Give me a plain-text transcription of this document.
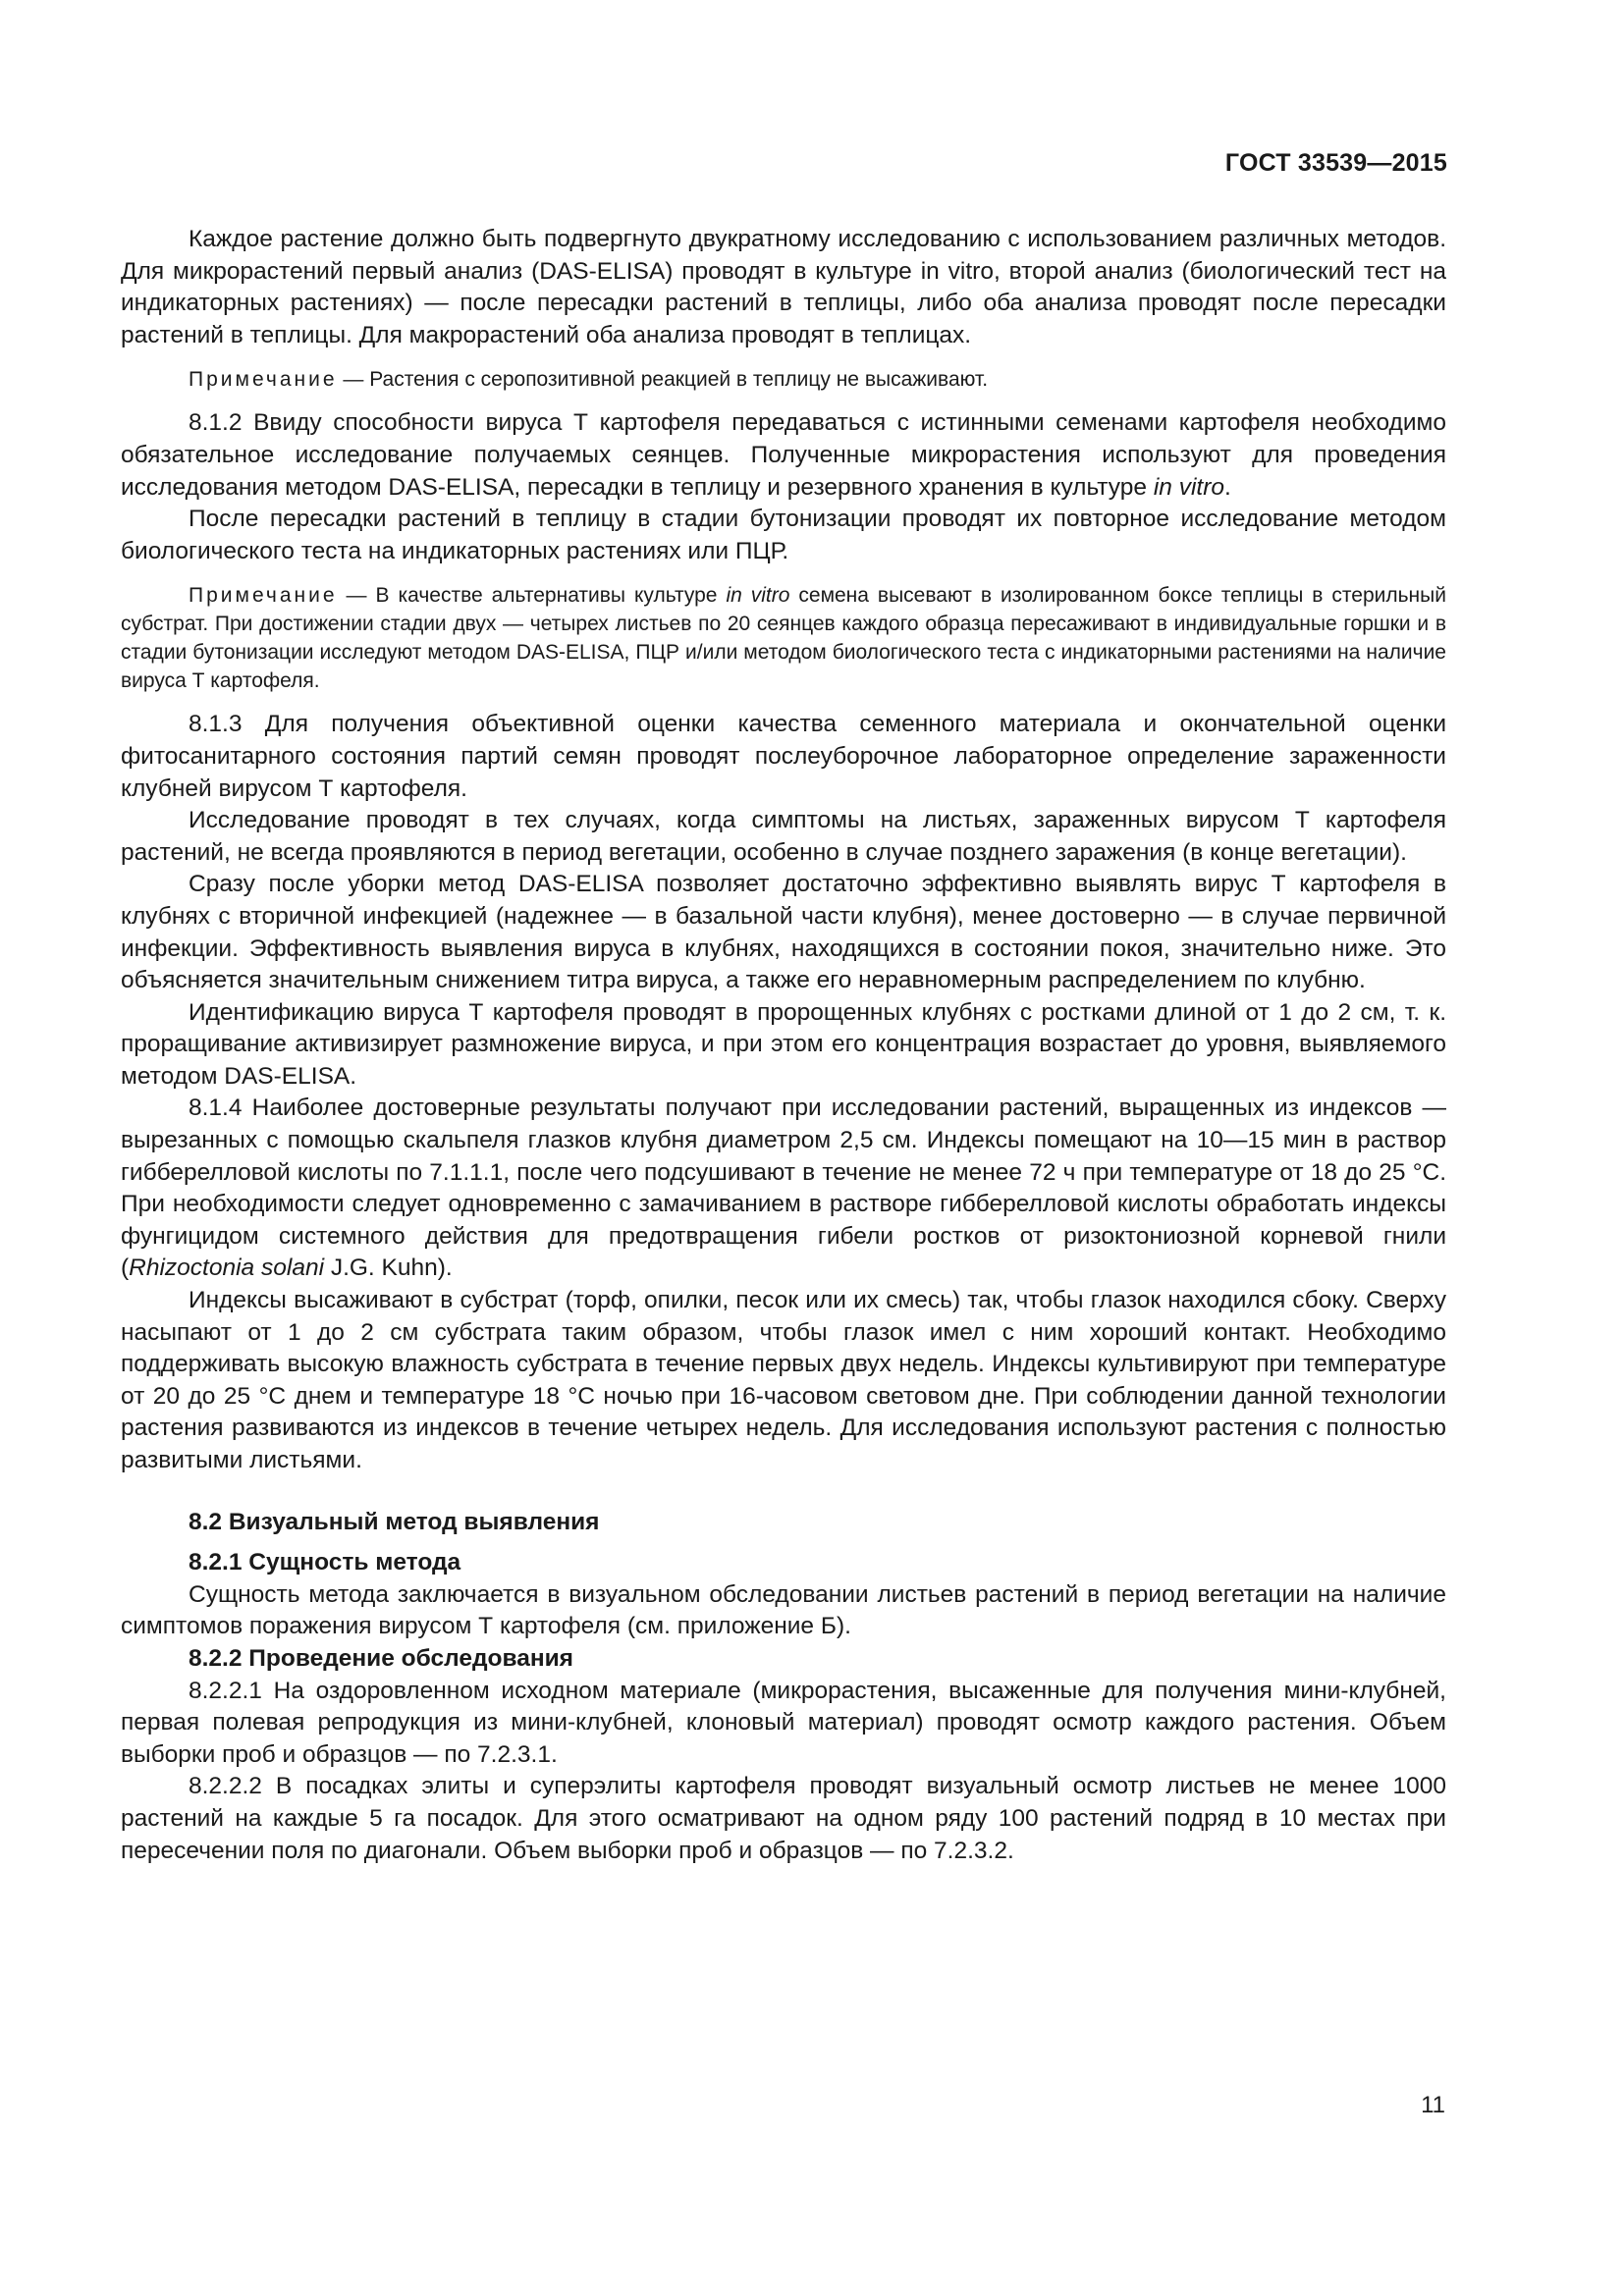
ГОСТ 33539—2015

Каждое растение должно быть подвергнуто двукратному исследованию с использованием различных методов. Для микрорастений первый анализ (DAS-ELISA) проводят в культуре in vitro, второй анализ (биологический тест на индикаторных растениях) — после пересадки растений в теплицы, либо оба анализа проводят после пересадки растений в теплицы. Для макрорастений оба анализа проводят в теплицах.

Примечание — Растения с серопозитивной реакцией в теплицу не высаживают.

8.1.2 Ввиду способности вируса Т картофеля передаваться с истинными семенами картофеля необходимо обязательное исследование получаемых сеянцев. Полученные микрорастения используют для проведения исследования методом DAS-ELISA, пересадки в теплицу и резервного хранения в культуре in vitro.

После пересадки растений в теплицу в стадии бутонизации проводят их повторное исследование методом биологического теста на индикаторных растениях или ПЦР.

Примечание — В качестве альтернативы культуре in vitro семена высевают в изолированном боксе теплицы в стерильный субстрат. При достижении стадии двух — четырех листьев по 20 сеянцев каждого образца пересаживают в индивидуальные горшки и в стадии бутонизации исследуют методом DAS-ELISA, ПЦР и/или методом биологического теста с индикаторными растениями на наличие вируса Т картофеля.

8.1.3 Для получения объективной оценки качества семенного материала и окончательной оценки фитосанитарного состояния партий семян проводят послеуборочное лабораторное определение зараженности клубней вирусом Т картофеля.

Исследование проводят в тех случаях, когда симптомы на листьях, зараженных вирусом Т картофеля растений, не всегда проявляются в период вегетации, особенно в случае позднего заражения (в конце вегетации).

Сразу после уборки метод DAS-ELISA позволяет достаточно эффективно выявлять вирус Т картофеля в клубнях с вторичной инфекцией (надежнее — в базальной части клубня), менее достоверно — в случае первичной инфекции. Эффективность выявления вируса в клубнях, находящихся в состоянии покоя, значительно ниже. Это объясняется значительным снижением титра вируса, а также его неравномерным распределением по клубню.

Идентификацию вируса Т картофеля проводят в пророщенных клубнях с ростками длиной от 1 до 2 см, т. к. проращивание активизирует размножение вируса, и при этом его концентрация возрастает до уровня, выявляемого методом DAS-ELISA.

8.1.4 Наиболее достоверные результаты получают при исследовании растений, выращенных из индексов — вырезанных с помощью скальпеля глазков клубня диаметром 2,5 см. Индексы помещают на 10—15 мин в раствор гиббереллoвой кислоты по 7.1.1.1, после чего подсушивают в течение не менее 72 ч при температуре от 18 до 25 °С. При необходимости следует одновременно с замачиванием в растворе гиббереллoвой кислоты обработать индексы фунгицидом системного действия для предотвращения гибели ростков от ризоктониозной корневой гнили (Rhizoctonia solani J.G. Kuhn).

Индексы высаживают в субстрат (торф, опилки, песок или их смесь) так, чтобы глазок находился сбоку. Сверху насыпают от 1 до 2 см субстрата таким образом, чтобы глазок имел с ним хороший контакт. Необходимо поддерживать высокую влажность субстрата в течение первых двух недель. Индексы культивируют при температуре от 20 до 25 °С днем и температуре 18 °С ночью при 16-часовом световом дне. При соблюдении данной технологии растения развиваются из индексов в течение четырех недель. Для исследования используют растения с полностью развитыми листьями.

8.2 Визуальный метод выявления

8.2.1 Сущность метода

Сущность метода заключается в визуальном обследовании листьев растений в период вегетации на наличие симптомов поражения вирусом Т картофеля (см. приложение Б).

8.2.2 Проведение обследования

8.2.2.1 На оздоровленном исходном материале (микрорастения, высаженные для получения мини-клубней, первая полевая репродукция из мини-клубней, клоновый материал) проводят осмотр каждого растения. Объем выборки проб и образцов — по 7.2.3.1.

8.2.2.2 В посадках элиты и суперэлиты картофеля проводят визуальный осмотр листьев не менее 1000 растений на каждые 5 га посадок. Для этого осматривают на одном ряду 100 растений подряд в 10 местах при пересечении поля по диагонали. Объем выборки проб и образцов — по 7.2.3.2.

11
